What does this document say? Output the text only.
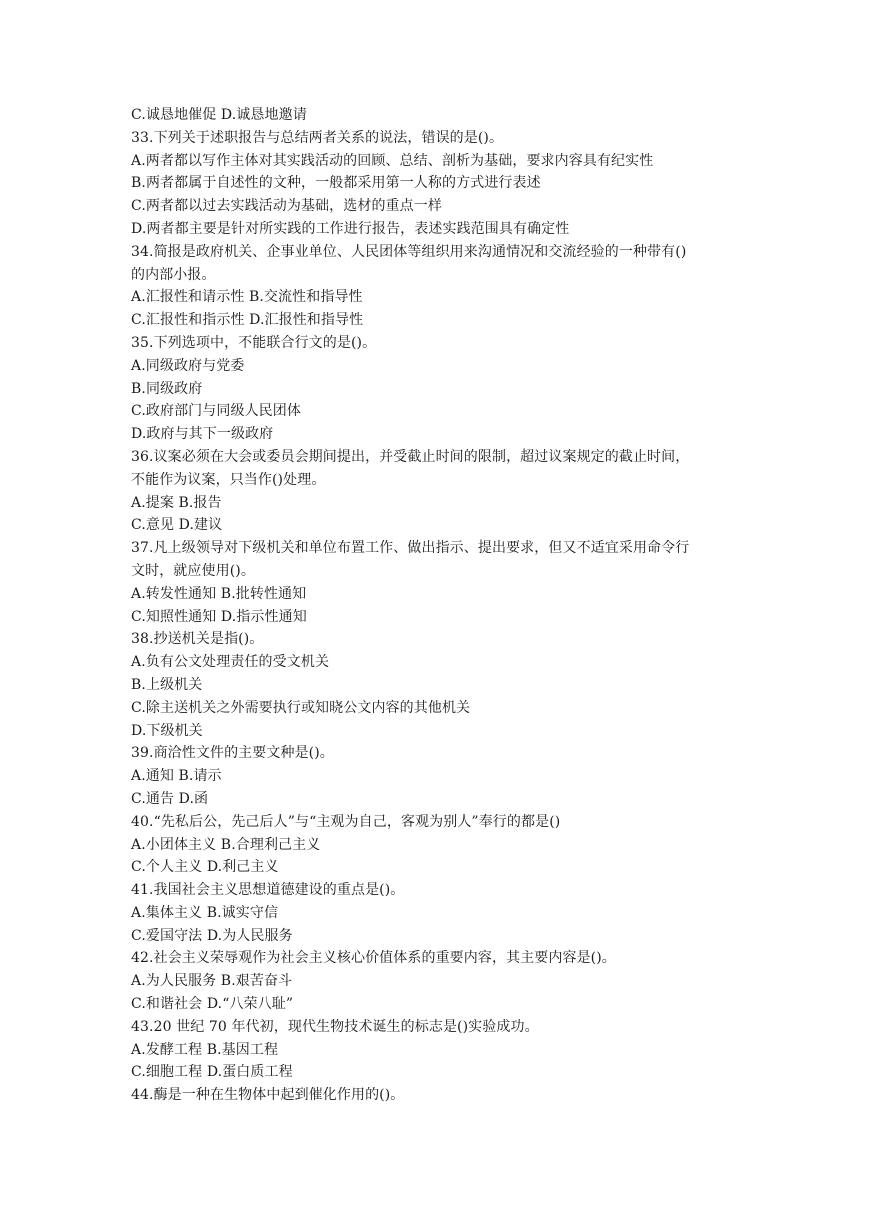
C.诚恳地催促 D.诚恳地邀请
33.下列关于述职报告与总结两者关系的说法，错误的是()。
A.两者都以写作主体对其实践活动的回顾、总结、剖析为基础，要求内容具有纪实性
B.两者都属于自述性的文种，一般都采用第一人称的方式进行表述
C.两者都以过去实践活动为基础，选材的重点一样
D.两者都主要是针对所实践的工作进行报告，表述实践范围具有确定性
34.简报是政府机关、企事业单位、人民团体等组织用来沟通情况和交流经验的一种带有()
的内部小报。
A.汇报性和请示性 B.交流性和指导性
C.汇报性和指示性 D.汇报性和指导性
35.下列选项中，不能联合行文的是()。
A.同级政府与党委
B.同级政府
C.政府部门与同级人民团体
D.政府与其下一级政府
36.议案必须在大会或委员会期间提出，并受截止时间的限制，超过议案规定的截止时间，
不能作为议案，只当作()处理。
A.提案 B.报告
C.意见 D.建议
37.凡上级领导对下级机关和单位布置工作、做出指示、提出要求，但又不适宜采用命令行
文时，就应使用()。
A.转发性通知 B.批转性通知
C.知照性通知 D.指示性通知
38.抄送机关是指()。
A.负有公文处理责任的受文机关
B.上级机关
C.除主送机关之外需要执行或知晓公文内容的其他机关
D.下级机关
39.商洽性文件的主要文种是()。
A.通知 B.请示
C.通告 D.函
40.“先私后公，先己后人”与“主观为自己，客观为别人”奉行的都是()
A.小团体主义 B.合理利己主义
C.个人主义 D.利己主义
41.我国社会主义思想道德建设的重点是()。
A.集体主义 B.诚实守信
C.爱国守法 D.为人民服务
42.社会主义荣辱观作为社会主义核心价值体系的重要内容，其主要内容是()。
A.为人民服务 B.艰苦奋斗
C.和谐社会 D.“八荣八耻”
43.20 世纪 70 年代初，现代生物技术诞生的标志是()实验成功。
A.发酵工程 B.基因工程
C.细胞工程 D.蛋白质工程
44.酶是一种在生物体中起到催化作用的()。
